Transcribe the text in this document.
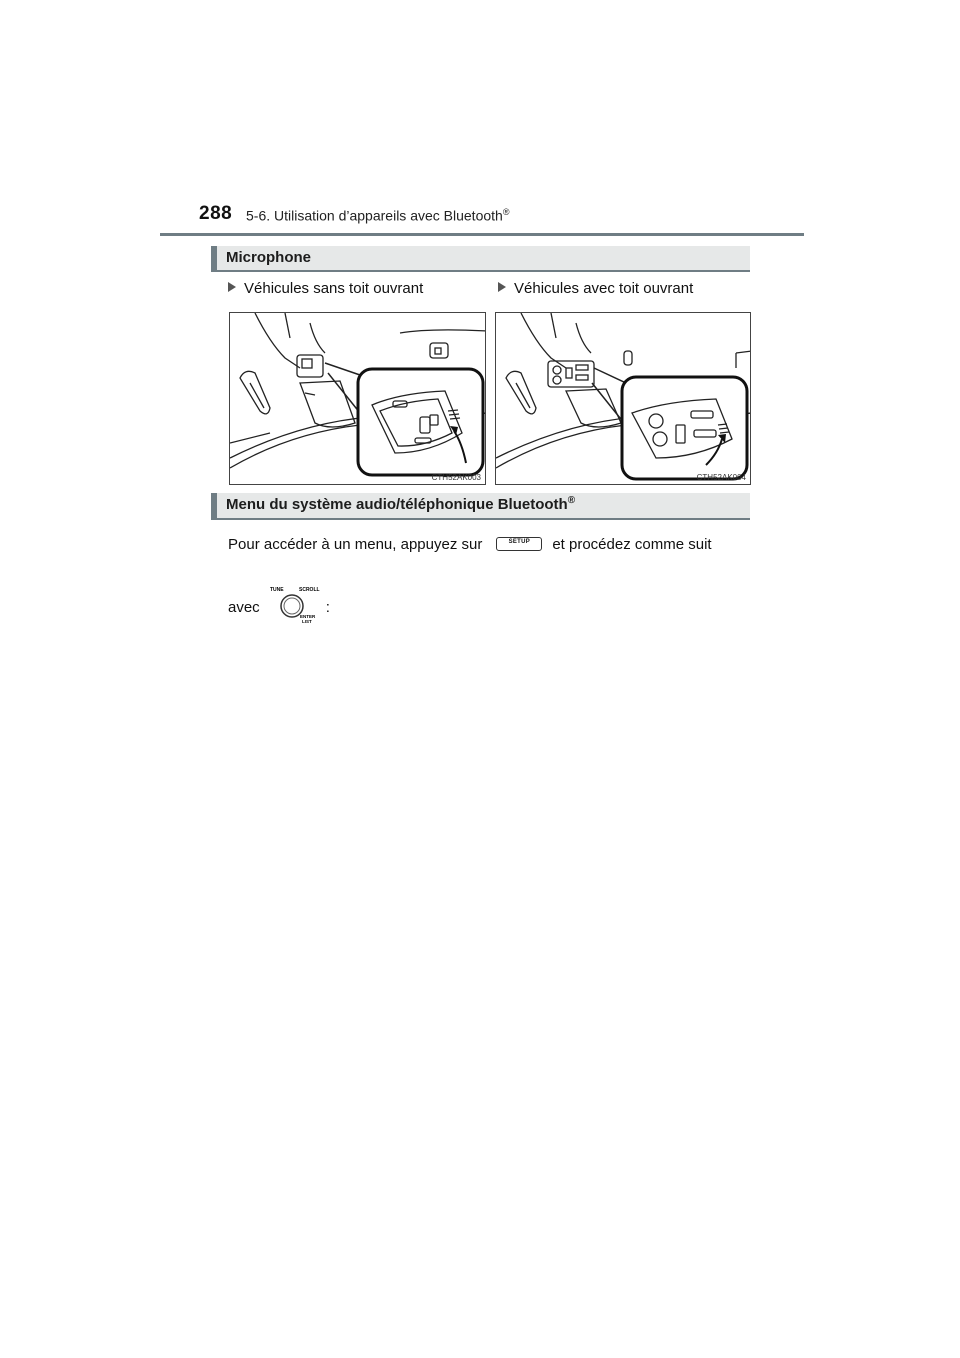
288 5-6. Utilisation d’appareils avec Bluetooth®
Microphone
Véhicules sans toit ouvrant	Véhicules avec toit ouvrant
CTH52AK003	CTH52AK004
Menu du système audio/téléphonique Bluetooth®
Pour accéder à un menu, appuyez sur	SETUP	et procédez comme suit
avec
TUNE	SCROLL
ENTER
LIST
:
